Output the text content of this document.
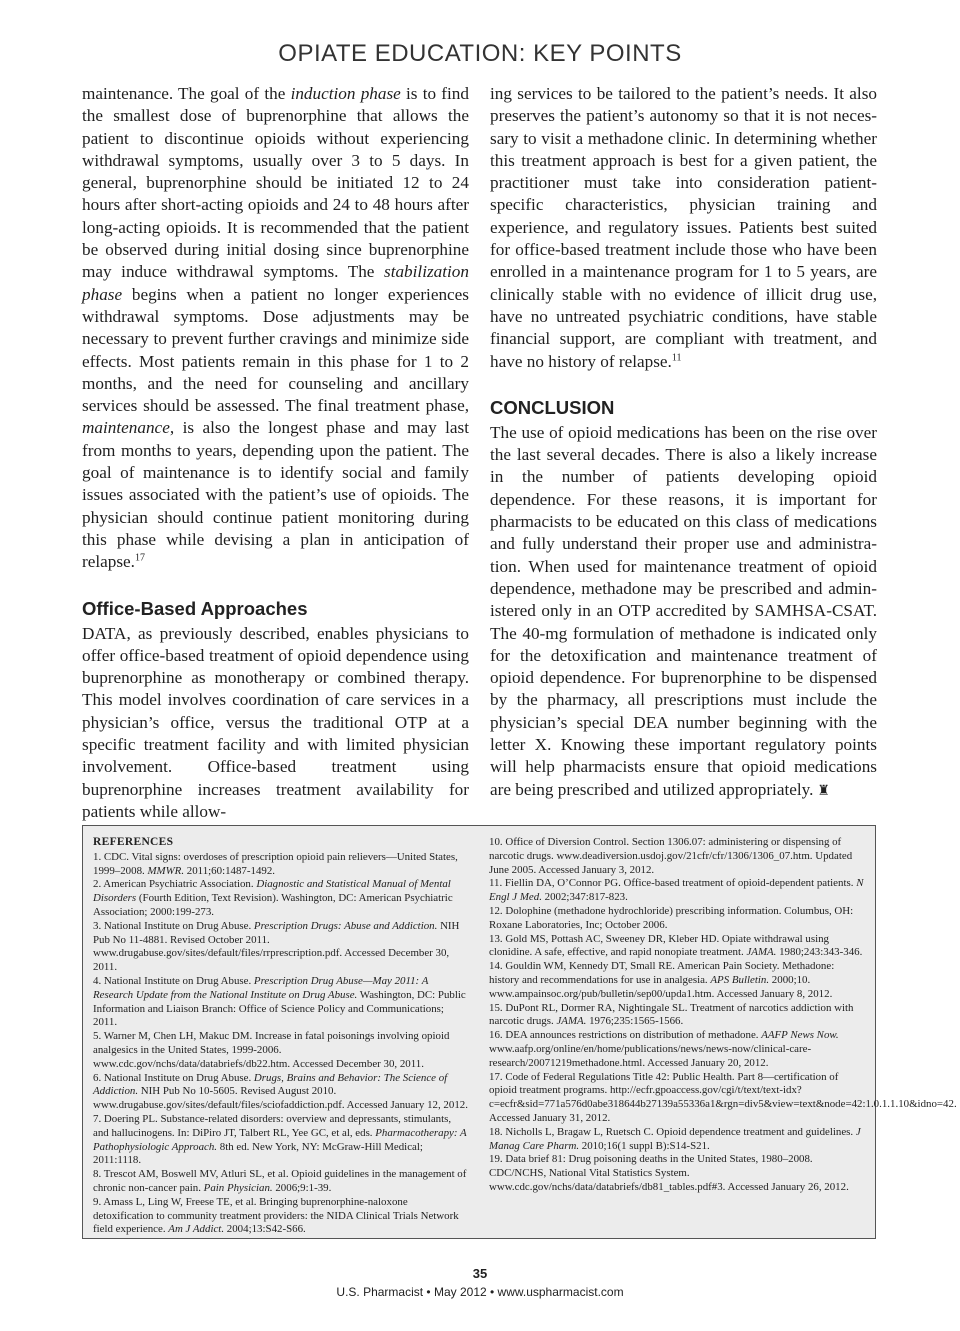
OPIATE EDUCATION: KEY POINTS

maintenance. The goal of the induction phase is to find the smallest dose of buprenorphine that allows the patient to discontinue opioids without experiencing withdrawal symptoms, usually over 3 to 5 days. In general, buprenorphine should be initiated 12 to 24 hours after short-acting opioids and 24 to 48 hours after long-acting opioids. It is recommended that the patient be observed during initial dosing since buprenorphine may induce withdrawal symptoms. The stabilization phase begins when a patient no longer experiences withdrawal symptoms. Dose adjustments may be necessary to prevent further cravings and minimize side effects. Most patients remain in this phase for 1 to 2 months, and the need for counseling and ancillary services should be assessed. The final treatment phase, maintenance, is also the longest phase and may last from months to years, depending upon the patient. The goal of maintenance is to identify social and family issues associated with the patient’s use of opioids. The physician should continue patient monitoring during this phase while devising a plan in anticipation of relapse.$^{17}$

Office-Based Approaches

DATA, as previously described, enables physicians to offer office-based treatment of opioid dependence using buprenorphine as monotherapy or combined therapy. This model involves coordination of care services in a physician’s office, versus the traditional OTP at a specific treatment facility and with limited physician involvement. Office-based treatment using buprenorphine increases treatment availability for patients while allow-

ing services to be tailored to the patient’s needs. It also preserves the patient’s autonomy so that it is not necessary to visit a methadone clinic. In determining whether this treatment approach is best for a given patient, the practitioner must take into consideration patient-specific characteristics, physician training and experience, and regulatory issues. Patients best suited for office-based treatment include those who have been enrolled in a maintenance program for 1 to 5 years, are clinically stable with no evidence of illicit drug use, have no untreated psychiatric conditions, have stable financial support, are compliant with treatment, and have no history of relapse.$^{11}$

CONCLUSION

The use of opioid medications has been on the rise over the last several decades. There is also a likely increase in the number of patients developing opioid dependence. For these reasons, it is important for pharmacists to be educated on this class of medications and fully understand their proper use and administration. When used for maintenance treatment of opioid dependence, methadone may be prescribed and administered only in an OTP accredited by SAMHSA-CSAT. The 40-mg formulation of methadone is indicated only for the detoxification and maintenance treatment of opioid dependence. For buprenorphine to be dispensed by the pharmacy, all prescriptions must include the physician’s special DEA number beginning with the letter X. Knowing these important regulatory points will help pharmacists ensure that opioid medications are being prescribed and utilized appropriately. ♜

REFERENCES

1. CDC. Vital signs: overdoses of prescription opioid pain relievers—United States, 1999–2008. MMWR. 2011;60:1487-1492.

2. American Psychiatric Association. Diagnostic and Statistical Manual of Mental Disorders (Fourth Edition, Text Revision). Washington, DC: American Psychiatric Association; 2000:199-273.

3. National Institute on Drug Abuse. Prescription Drugs: Abuse and Addiction. NIH Pub No 11-4881. Revised October 2011. www.drugabuse.gov/sites/default/files/rrprescription.pdf. Accessed December 30, 2011.

4. National Institute on Drug Abuse. Prescription Drug Abuse—May 2011: A Research Update from the National Institute on Drug Abuse. Washington, DC: Public Information and Liaison Branch: Office of Science Policy and Communications; 2011.

5. Warner M, Chen LH, Makuc DM. Increase in fatal poisonings involving opioid analgesics in the United States, 1999-2006. www.cdc.gov/nchs/data/databriefs/db22.htm. Accessed December 30, 2011.

6. National Institute on Drug Abuse. Drugs, Brains and Behavior: The Science of Addiction. NIH Pub No 10-5605. Revised August 2010. www.drugabuse.gov/sites/default/files/sciofaddiction.pdf. Accessed January 12, 2012.

7. Doering PL. Substance-related disorders: overview and depressants, stimulants, and hallucinogens. In: DiPiro JT, Talbert RL, Yee GC, et al, eds. Pharmacotherapy: A Pathophysiologic Approach. 8th ed. New York, NY: McGraw-Hill Medical; 2011:1118.

8. Trescot AM, Boswell MV, Atluri SL, et al. Opioid guidelines in the management of chronic non-cancer pain. Pain Physician. 2006;9:1-39.

9. Amass L, Ling W, Freese TE, et al. Bringing buprenorphine-naloxone detoxification to community treatment providers: the NIDA Clinical Trials Network field experience. Am J Addict. 2004;13:S42-S66.

10. Office of Diversion Control. Section 1306.07: administering or dispensing of narcotic drugs. www.deadiversion.usdoj.gov/21cfr/cfr/1306/1306_07.htm. Updated June 2005. Accessed January 3, 2012.

11. Fiellin DA, O’Connor PG. Office-based treatment of opioid-dependent patients. N Engl J Med. 2002;347:817-823.

12. Dolophine (methadone hydrochloride) prescribing information. Columbus, OH: Roxane Laboratories, Inc; October 2006.

13. Gold MS, Pottash AC, Sweeney DR, Kleber HD. Opiate withdrawal using clonidine. A safe, effective, and rapid nonopiate treatment. JAMA. 1980;243:343-346.

14. Gouldin WM, Kennedy DT, Small RE. American Pain Society. Methadone: history and recommendations for use in analgesia. APS Bulletin. 2000;10. www.ampainsoc.org/pub/bulletin/sep00/upda1.htm. Accessed January 8, 2012.

15. DuPont RL, Dormer RA, Nightingale SL. Treatment of narcotics addiction with narcotic drugs. JAMA. 1976;235:1565-1566.

16. DEA announces restrictions on distribution of methadone. AAFP News Now. www.aafp.org/online/en/home/publications/news/news-now/clinical-care-research/20071219methadone.html. Accessed January 20, 2012.

17. Code of Federal Regulations Title 42: Public Health. Part 8—certification of opioid treatment programs. http://ecfr.gpoaccess.gov/cgi/t/text/text-idx?c=ecfr&sid=771a576d0abe318644b27139a55336a1&rgn=div5&view=text&node=42:1.0.1.1.10&idno=42. Accessed January 31, 2012.

18. Nicholls L, Bragaw L, Ruetsch C. Opioid dependence treatment and guidelines. J Manag Care Pharm. 2010;16(1 suppl B):S14-S21.

19. Data brief 81: Drug poisoning deaths in the United States, 1980–2008. CDC/NCHS, National Vital Statistics System. www.cdc.gov/nchs/data/databriefs/db81_tables.pdf#3. Accessed January 26, 2012.

35
U.S. Pharmacist • May 2012 • www.uspharmacist.com
